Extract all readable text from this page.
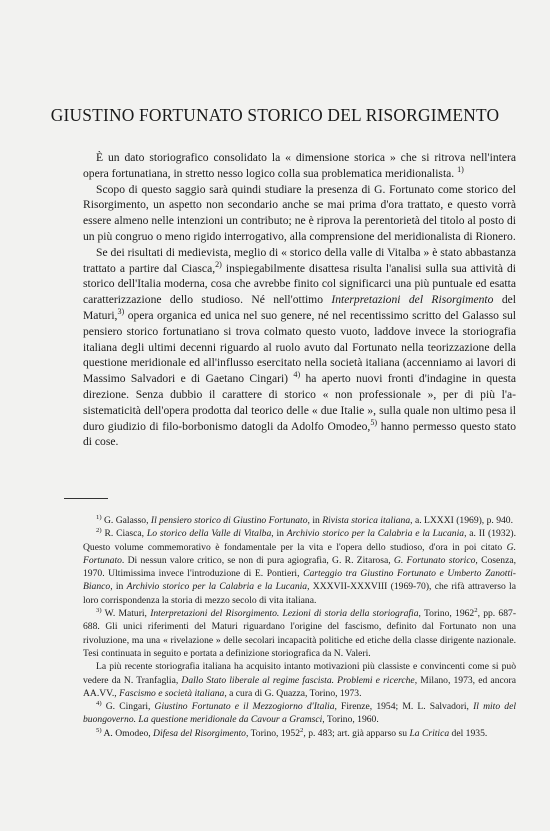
GIUSTINO FORTUNATO STORICO DEL RISORGIMENTO

È un dato storiografico consolidato la « dimensione storica » che si ritrova nell'intera opera fortunatiana, in stretto nesso logico colla sua problematica meridionalista. $^{1)}$

Scopo di questo saggio sarà quindi studiare la presenza di G. Fortunato come storico del Risorgimento, un aspetto non secondario anche se mai prima d'ora trattato, e questo vorrà essere almeno nelle intenzioni un contributo; ne è riprova la perentorietà del titolo al posto di un più congruo o meno rigido interrogativo, alla comprensione del meridionalista di Rionero.

Se dei risultati di medievista, meglio di « storico della valle di Vitalba » è stato abbastanza trattato a partire dal Ciasca,$^{2)}$ inspiegabilmente disattesa risulta l'analisi sulla sua attività di storico dell'Italia moderna, cosa che avrebbe finito col significarci una più puntuale ed esatta caratterizzazione dello studioso. Né nell'ottimo Interpretazioni del Risorgimento del Maturi,$^{3)}$ opera organica ed unica nel suo genere, né nel recentissimo scritto del Galasso sul pensiero storico fortunatiano si trova colmato questo vuoto, laddove invece la storiografia italiana degli ultimi decenni riguardo al ruolo avuto dal Fortunato nella teorizzazione della questione meridionale ed all'influsso esercitato nella società italiana (accenniamo ai lavori di Massimo Salvadori e di Gaetano Cingari) $^{4)}$ ha aperto nuovi fronti d'indagine in questa direzione. Senza dubbio il carattere di storico « non professionale », per di più l'a-sistematicità dell'opera prodotta dal teorico delle « due Italie », sulla quale non ultimo pesa il duro giudizio di filo-borbonismo datogli da Adolfo Omodeo,$^{5)}$ hanno permesso questo stato di cose.

$^{1)}$ G. Galasso, Il pensiero storico di Giustino Fortunato, in Rivista storica italiana, a. LXXXI (1969), p. 940.

$^{2)}$ R. Ciasca, Lo storico della Valle di Vitalba, in Archivio storico per la Calabria e la Lucania, a. II (1932). Questo volume commemorativo è fondamentale per la vita e l'opera dello studioso, d'ora in poi citato G. Fortunato. Di nessun valore critico, se non di pura agiografia, G. R. Zitarosa, G. Fortunato storico, Cosenza, 1970. Ultimissima invece l'introduzione di E. Pontieri, Carteggio tra Giustino Fortunato e Umberto Zanotti-Bianco, in Archivio storico per la Calabria e la Lucania, XXXVII-XXXVIII (1969-70), che rifà attraverso la loro corrispondenza la storia di mezzo secolo di vita italiana.

$^{3)}$ W. Maturi, Interpretazioni del Risorgimento. Lezioni di storia della storiografia, Torino, 1962$^2$, pp. 687-688. Gli unici riferimenti del Maturi riguardano l'origine del fascismo, definito dal Fortunato non una rivoluzione, ma una « rivelazione » delle secolari incapacità politiche ed etiche della classe dirigente nazionale. Tesi continuata in seguito e portata a definizione storiografica da N. Valeri.

La più recente storiografia italiana ha acquisito intanto motivazioni più classiste e convincenti come si può vedere da N. Tranfaglia, Dallo Stato liberale al regime fascista. Problemi e ricerche, Milano, 1973, ed ancora AA.VV., Fascismo e società italiana, a cura di G. Quazza, Torino, 1973.

$^{4)}$ G. Cingari, Giustino Fortunato e il Mezzogiorno d'Italia, Firenze, 1954; M. L. Salvadori, Il mito del buongoverno. La questione meridionale da Cavour a Gramsci, Torino, 1960.

$^{5)}$ A. Omodeo, Difesa del Risorgimento, Torino, 1952$^2$, p. 483; art. già apparso su La Critica del 1935.
